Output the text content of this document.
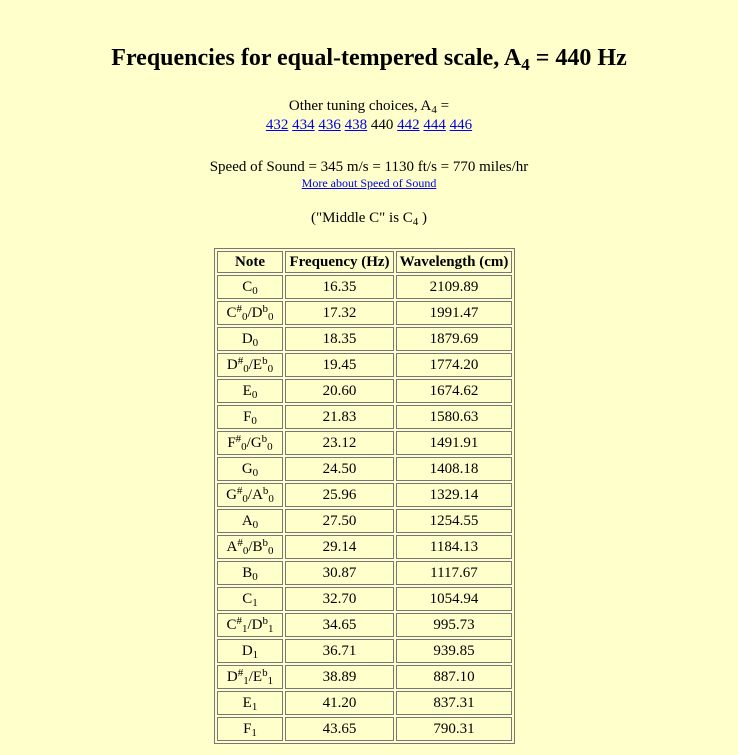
Frequencies for equal-tempered scale, $A_4 = 440$ Hz
Other tuning choices, $A_4$ =
432 434 436 438 440 442 444 446
Speed of Sound = 345 m/s = 1130 ft/s = 770 miles/hr
More about Speed of Sound
("Middle C" is $C_4$ )
Note	Frequency (Hz)	Wavelength (cm)
$C_0$	16.35	2109.89
$C^{\#}_0/D^b_0$	17.32	1991.47
$D_0$	18.35	1879.69
$D^{\#}_0/E^b_0$	19.45	1774.20
$E_0$	20.60	1674.62
$F_0$	21.83	1580.63
$F^{\#}_0/G^b_0$	23.12	1491.91
$G_0$	24.50	1408.18
$G^{\#}_0/A^b_0$	25.96	1329.14
$A_0$	27.50	1254.55
$A^{\#}_0/B^b_0$	29.14	1184.13
$B_0$	30.87	1117.67
$C_1$	32.70	1054.94
$C^{\#}_1/D^b_1$	34.65	995.73
$D_1$	36.71	939.85
$D^{\#}_1/E^b_1$	38.89	887.10
$E_1$	41.20	837.31
$F_1$	43.65	790.31
